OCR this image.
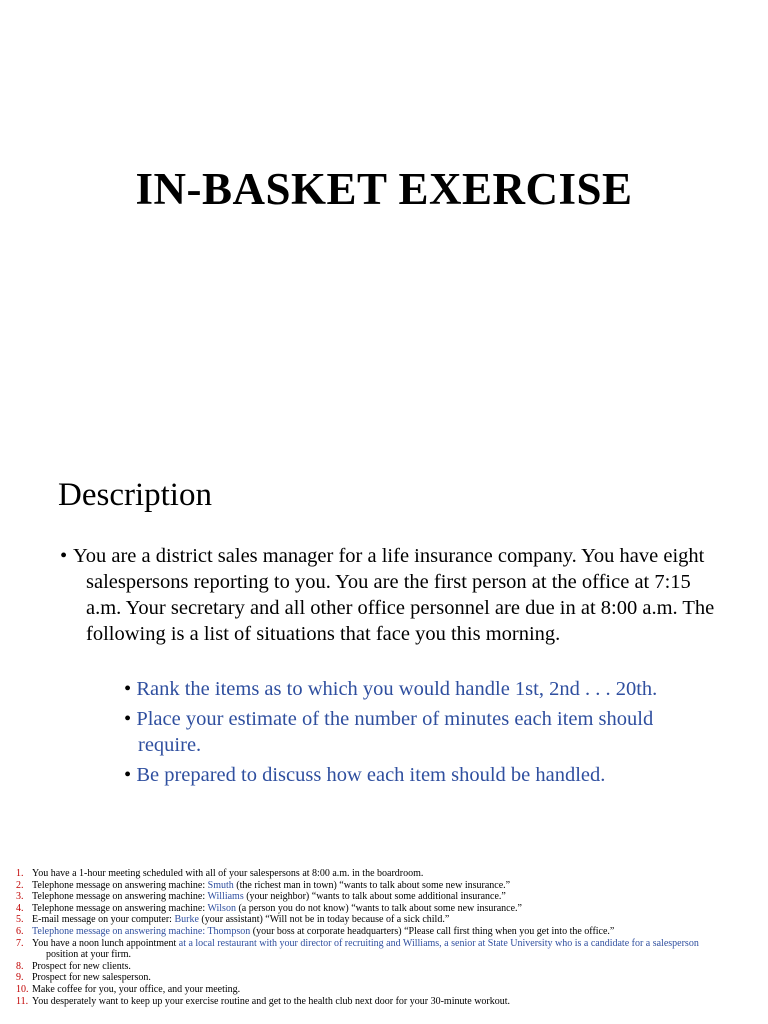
IN-BASKET EXERCISE
Description
• You are a district sales manager for a life insurance company. You have eight salespersons reporting to you. You are the first person at the office at 7:15 a.m. Your secretary and all other office personnel are due in at 8:00 a.m. The following is a list of situations that face you this morning.
• Rank the items as to which you would handle 1st, 2nd . . . 20th.
• Place your estimate of the number of minutes each item should require.
• Be prepared to discuss how each item should be handled.
1. You have a 1-hour meeting scheduled with all of your salespersons at 8:00 a.m. in the boardroom.
2. Telephone message on answering machine: Smuth (the richest man in town) “wants to talk about some new insurance.”
3. Telephone message on answering machine: Williams (your neighbor) “wants to talk about some additional insurance.”
4. Telephone message on answering machine: Wilson (a person you do not know) “wants to talk about some new insurance.”
5. E-mail message on your computer: Burke (your assistant) “Will not be in today because of a sick child.”
6. Telephone message on answering machine: Thompson (your boss at corporate headquarters) “Please call first thing when you get into the office.”
7. You have a noon lunch appointment at a local restaurant with your director of recruiting and Williams, a senior at State University who is a candidate for a salesperson
position at your firm.
8. Prospect for new clients.
9. Prospect for new salesperson.
10. Make coffee for you, your office, and your meeting.
11. You desperately want to keep up your exercise routine and get to the health club next door for your 30-minute workout.
